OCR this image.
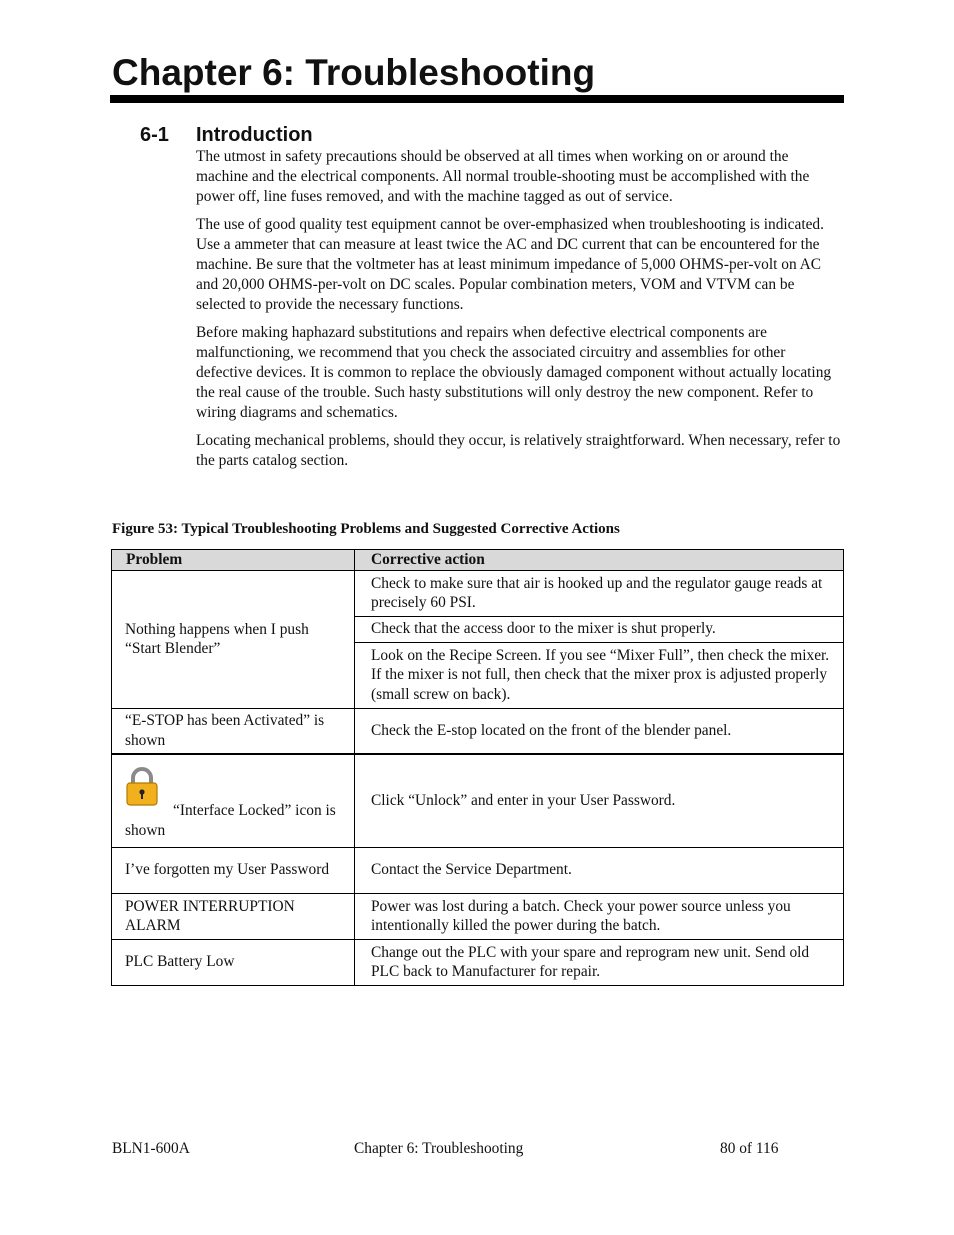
Chapter 6: Troubleshooting
6-1 Introduction

The utmost in safety precautions should be observed at all times when working on or around the machine and the electrical components. All normal trouble-shooting must be accomplished with the power off, line fuses removed, and with the machine tagged as out of service.

The use of good quality test equipment cannot be over-emphasized when troubleshooting is indicated. Use a ammeter that can measure at least twice the AC and DC current that can be encountered for the machine. Be sure that the voltmeter has at least minimum impedance of 5,000 OHMS-per-volt on AC and 20,000 OHMS-per-volt on DC scales. Popular combination meters, VOM and VTVM can be selected to provide the necessary functions.

Before making haphazard substitutions and repairs when defective electrical components are malfunctioning, we recommend that you check the associated circuitry and assemblies for other defective devices. It is common to replace the obviously damaged component without actually locating the real cause of the trouble. Such hasty substitutions will only destroy the new component. Refer to wiring diagrams and schematics.

Locating mechanical problems, should they occur, is relatively straightforward. When necessary, refer to the parts catalog section.

Figure 53: Typical Troubleshooting Problems and Suggested Corrective Actions

Problem	Corrective action
Nothing happens when I push “Start Blender”	Check to make sure that air is hooked up and the regulator gauge reads at precisely 60 PSI.
	Check that the access door to the mixer is shut properly.
	Look on the Recipe Screen. If you see “Mixer Full”, then check the mixer. If the mixer is not full, then check that the mixer prox is adjusted properly (small screw on back).
“E-STOP has been Activated” is shown	Check the E-stop located on the front of the blender panel.
“Interface Locked” icon is shown	Click “Unlock” and enter in your User Password.
I’ve forgotten my User Password	Contact the Service Department.
POWER INTERRUPTION ALARM	Power was lost during a batch. Check your power source unless you intentionally killed the power during the batch.
PLC Battery Low	Change out the PLC with your spare and reprogram new unit. Send old PLC back to Manufacturer for repair.
BLN1-600A	Chapter 6: Troubleshooting	80 of 116
